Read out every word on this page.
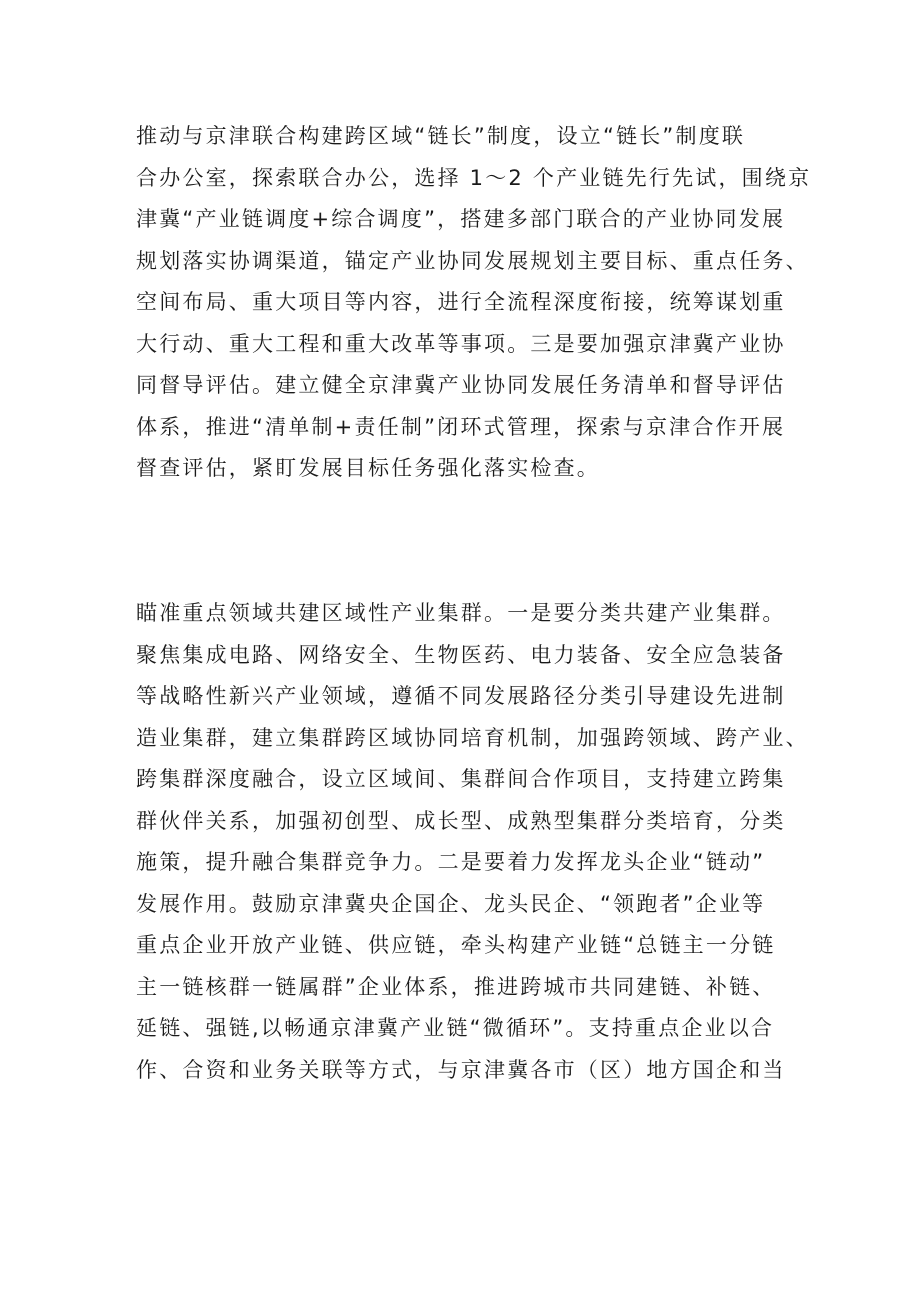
推动与京津联合构建跨区域“链长”制度，设立“链长”制度联
合办公室，探索联合办公，选择 1～2 个产业链先行先试，围绕京
津冀“产业链调度+综合调度”，搭建多部门联合的产业协同发展
规划落实协调渠道，锚定产业协同发展规划主要目标、重点任务、
空间布局、重大项目等内容，进行全流程深度衔接，统筹谋划重
大行动、重大工程和重大改革等事项。三是要加强京津冀产业协
同督导评估。建立健全京津冀产业协同发展任务清单和督导评估
体系，推进“清单制+责任制”闭环式管理，探索与京津合作开展
督查评估，紧盯发展目标任务强化落实检查。
瞄准重点领域共建区域性产业集群。一是要分类共建产业集群。
聚焦集成电路、网络安全、生物医药、电力装备、安全应急装备
等战略性新兴产业领域，遵循不同发展路径分类引导建设先进制
造业集群，建立集群跨区域协同培育机制，加强跨领域、跨产业、
跨集群深度融合，设立区域间、集群间合作项目，支持建立跨集
群伙伴关系，加强初创型、成长型、成熟型集群分类培育，分类
施策，提升融合集群竞争力。二是要着力发挥龙头企业“链动”
发展作用。鼓励京津冀央企国企、龙头民企、“领跑者”企业等
重点企业开放产业链、供应链，牵头构建产业链“总链主一分链
主一链核群一链属群”企业体系，推进跨城市共同建链、补链、
延链、强链,以畅通京津冀产业链“微循环”。支持重点企业以合
作、合资和业务关联等方式，与京津冀各市（区）地方国企和当
